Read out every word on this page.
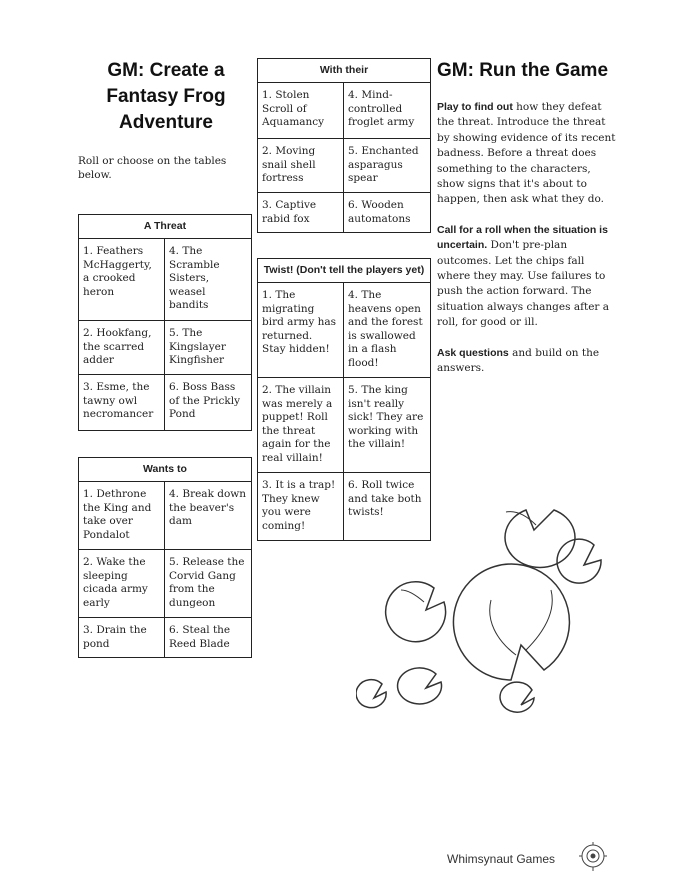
GM: Create a Fantasy Frog Adventure
Roll or choose on the tables below.
A Threat	
1. Feathers McHaggerty, a crooked heron	4. The Scramble Sisters, weasel bandits
2. Hookfang, the scarred adder	5. The Kingslayer Kingfisher
3. Esme, the tawny owl necromancer	6. Boss Bass of the Prickly Pond
Wants to	
1. Dethrone the King and take over Pondalot	4. Break down the beaver's dam
2. Wake the sleeping cicada army early	5. Release the Corvid Gang from the dungeon
3. Drain the pond	6. Steal the Reed Blade
With their	
1. Stolen Scroll of Aquamancy	4. Mind-controlled froglet army
2. Moving snail shell fortress	5. Enchanted asparagus spear
3. Captive rabid fox	6. Wooden automatons
Twist! (Don't tell the players yet)	
1. The migrating bird army has returned. Stay hidden!	4. The heavens open and the forest is swallowed in a flash flood!
2. The villain was merely a puppet! Roll the threat again for the real villain!	5. The king isn't really sick! They are working with the villain!
3. It is a trap! They knew you were coming!	6. Roll twice and take both twists!
GM: Run the Game

Play to find out how they defeat the threat. Introduce the threat by showing evidence of its recent badness. Before a threat does something to the characters, show signs that it's about to happen, then ask what they do.

Call for a roll when the situation is uncertain. Don't pre-plan outcomes. Let the chips fall where they may. Use failures to push the action forward. The situation always changes after a roll, for good or ill.

Ask questions and build on the answers.

Whimsynaut Games
